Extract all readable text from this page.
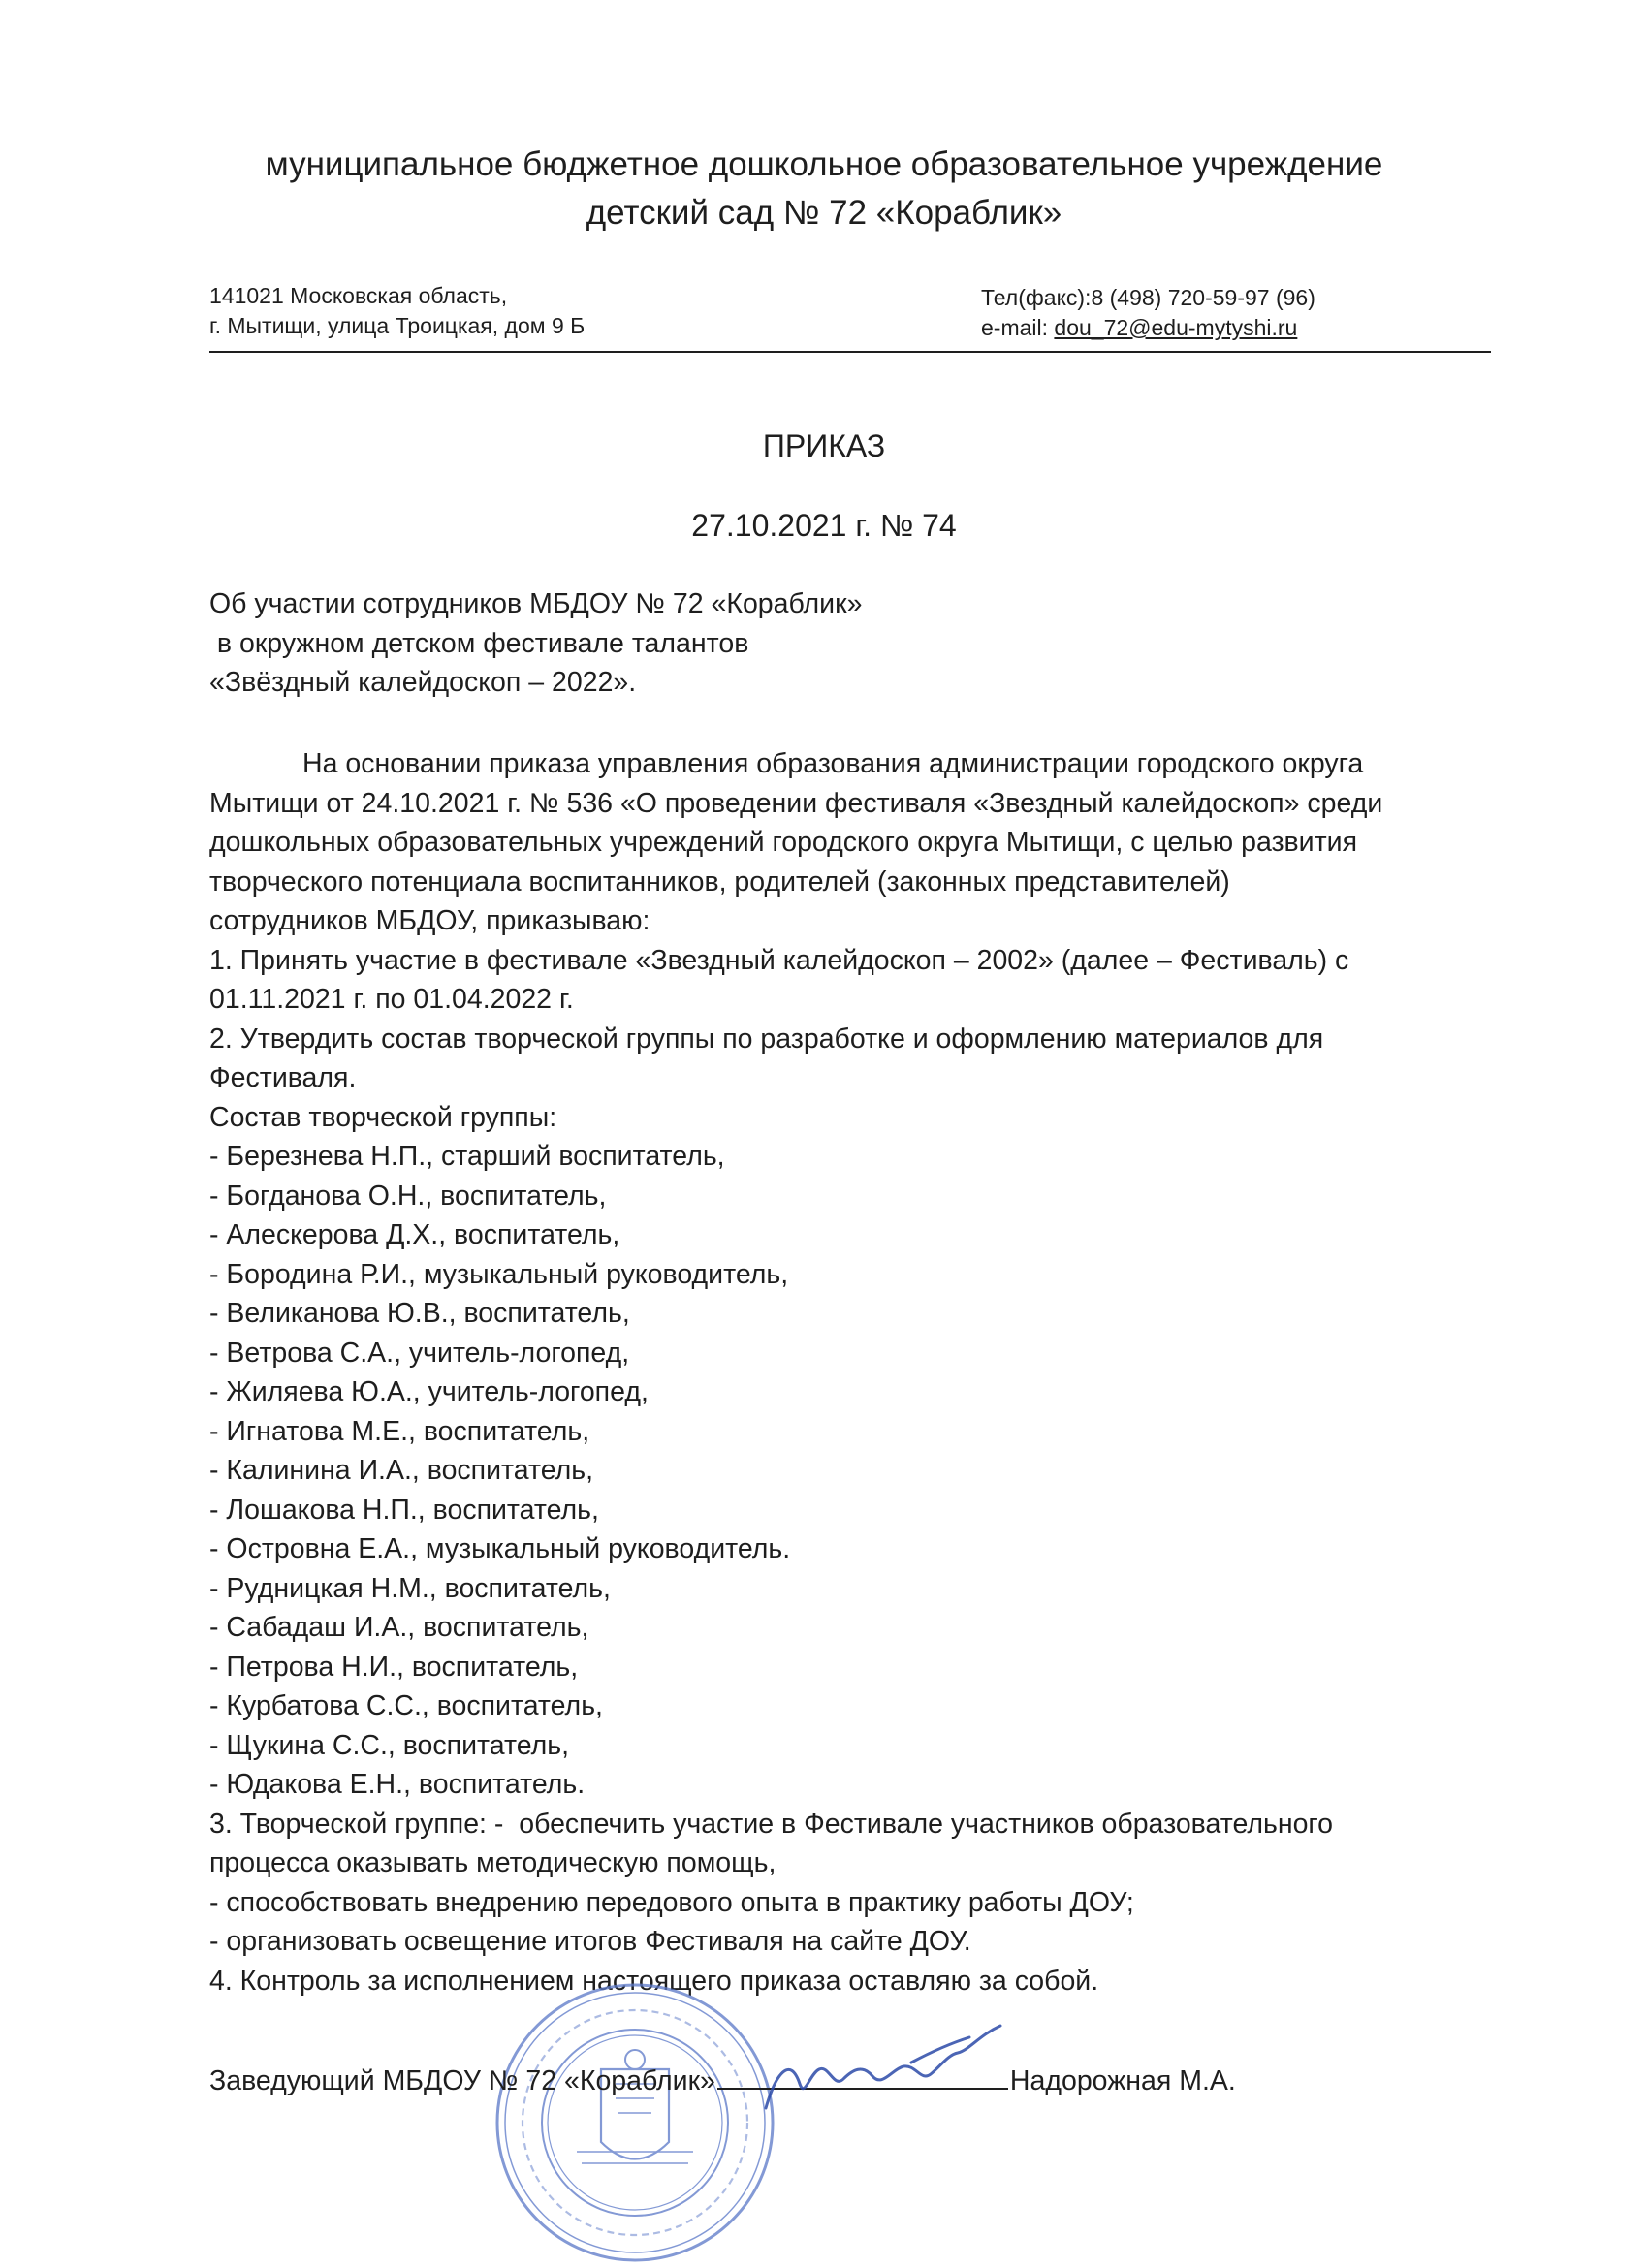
муниципальное бюджетное дошкольное образовательное учреждение
детский сад № 72 «Кораблик»
141021 Московская область,
г. Мытищи, улица Троицкая, дом 9 Б
Тел(факс):8 (498) 720-59-97 (96)
e-mail: dou_72@edu-mytyshi.ru
ПРИКАЗ
27.10.2021 г. № 74
Об участии сотрудников МБДОУ № 72 «Кораблик»
в окружном детском фестивале талантов
«Звёздный калейдоскоп – 2022».
На основании приказа управления образования администрации городского округа
Мытищи от 24.10.2021 г. № 536 «О проведении фестиваля «Звездный калейдоскоп» среди
дошкольных образовательных учреждений городского округа Мытищи, с целью развития
творческого потенциала воспитанников, родителей (законных представителей)
сотрудников МБДОУ, приказываю:
1. Принять участие в фестивале «Звездный калейдоскоп – 2002» (далее – Фестиваль) с
01.11.2021 г. по 01.04.2022 г.
2. Утвердить состав творческой группы по разработке и оформлению материалов для
Фестиваля.
Состав творческой группы:
- Березнева Н.П., старший воспитатель,
- Богданова О.Н., воспитатель,
- Алескерова Д.Х., воспитатель,
- Бородина Р.И., музыкальный руководитель,
- Великанова Ю.В., воспитатель,
- Ветрова С.А., учитель-логопед,
- Жиляева Ю.А., учитель-логопед,
- Игнатова М.Е., воспитатель,
- Калинина И.А., воспитатель,
- Лошакова Н.П., воспитатель,
- Островна Е.А., музыкальный руководитель.
- Рудницкая Н.М., воспитатель,
- Сабадаш И.А., воспитатель,
- Петрова Н.И., воспитатель,
- Курбатова С.С., воспитатель,
- Щукина С.С., воспитатель,
- Юдакова Е.Н., воспитатель.
3. Творческой группе: -  обеспечить участие в Фестивале участников образовательного
процесса оказывать методическую помощь,
- способствовать внедрению передового опыта в практику работы ДОУ;
- организовать освещение итогов Фестиваля на сайте ДОУ.
4. Контроль за исполнением настоящего приказа оставляю за собой.
Заведующий МБДОУ № 72 «Кораблик»	Надорожная М.А.
